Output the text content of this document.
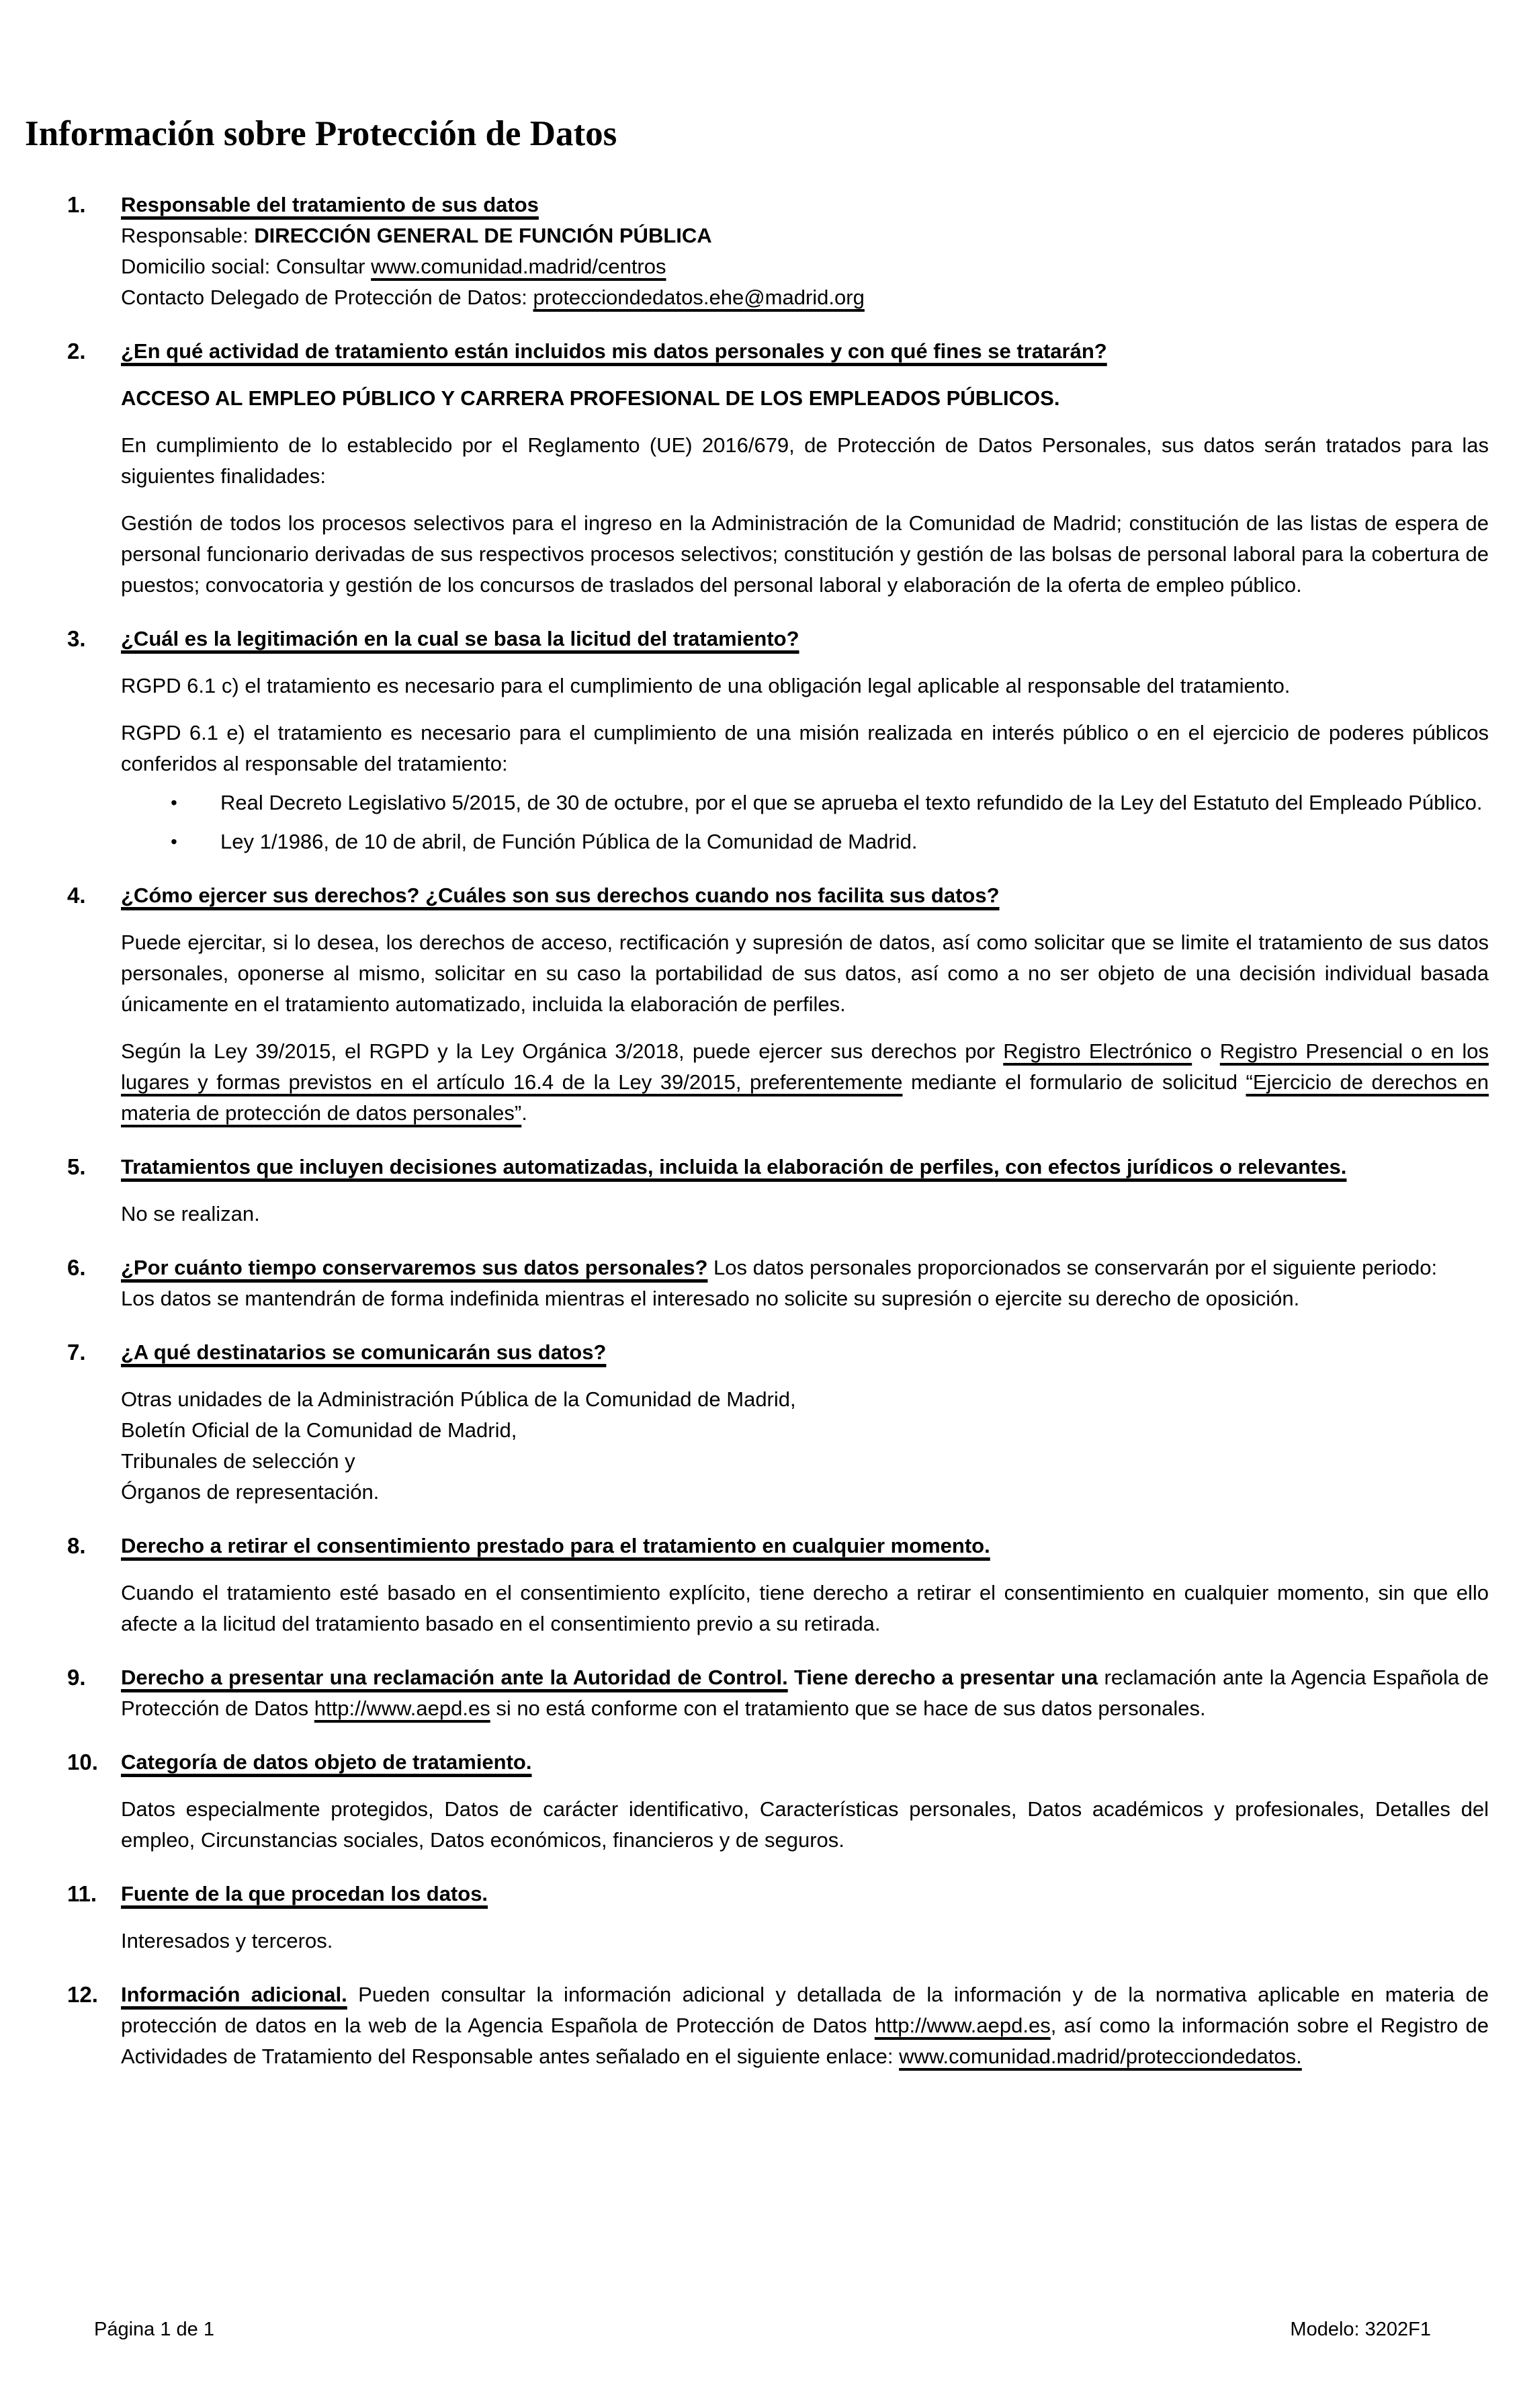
Información sobre Protección de Datos
1.	Responsable del tratamiento de sus datos
Responsable: DIRECCIÓN GENERAL DE FUNCIÓN PÚBLICA
Domicilio social: Consultar www.comunidad.madrid/centros
Contacto Delegado de Protección de Datos: protecciondedatos.ehe@madrid.org
2.	¿En qué actividad de tratamiento están incluidos mis datos personales y con qué fines se tratarán?
ACCESO AL EMPLEO PÚBLICO Y CARRERA PROFESIONAL DE LOS EMPLEADOS PÚBLICOS.
En cumplimiento de lo establecido por el Reglamento (UE) 2016/679, de Protección de Datos Personales, sus datos serán tratados para las siguientes finalidades:
Gestión de todos los procesos selectivos para el ingreso en la Administración de la Comunidad de Madrid; constitución de las listas de espera de personal funcionario derivadas de sus respectivos procesos selectivos; constitución y gestión de las bolsas de personal laboral para la cobertura de puestos; convocatoria y gestión de los concursos de traslados del personal laboral y elaboración de la oferta de empleo público.
3.	¿Cuál es la legitimación en la cual se basa la licitud del tratamiento?
RGPD 6.1 c) el tratamiento es necesario para el cumplimiento de una obligación legal aplicable al responsable del tratamiento.
RGPD 6.1 e) el tratamiento es necesario para el cumplimiento de una misión realizada en interés público o en el ejercicio de poderes públicos conferidos al responsable del tratamiento:
•	Real Decreto Legislativo 5/2015, de 30 de octubre, por el que se aprueba el texto refundido de la Ley del Estatuto del Empleado Público.
•	Ley 1/1986, de 10 de abril, de Función Pública de la Comunidad de Madrid.
4.	¿Cómo ejercer sus derechos? ¿Cuáles son sus derechos cuando nos facilita sus datos?
Puede ejercitar, si lo desea, los derechos de acceso, rectificación y supresión de datos, así como solicitar que se limite el tratamiento de sus datos personales, oponerse al mismo, solicitar en su caso la portabilidad de sus datos, así como a no ser objeto de una decisión individual basada únicamente en el tratamiento automatizado, incluida la elaboración de perfiles.
Según la Ley 39/2015, el RGPD y la Ley Orgánica 3/2018, puede ejercer sus derechos por Registro Electrónico o Registro Presencial o en los lugares y formas previstos en el artículo 16.4 de la Ley 39/2015, preferentemente mediante el formulario de solicitud “Ejercicio de derechos en materia de protección de datos personales”.
5.	Tratamientos que incluyen decisiones automatizadas, incluida la elaboración de perfiles, con efectos jurídicos o relevantes.
No se realizan.
6.	¿Por cuánto tiempo conservaremos sus datos personales? Los datos personales proporcionados se conservarán por el siguiente periodo:
Los datos se mantendrán de forma indefinida mientras el interesado no solicite su supresión o ejercite su derecho de oposición.
7.	¿A qué destinatarios se comunicarán sus datos?
Otras unidades de la Administración Pública de la Comunidad de Madrid,
Boletín Oficial de la Comunidad de Madrid,
Tribunales de selección y
Órganos de representación.
8.	Derecho a retirar el consentimiento prestado para el tratamiento en cualquier momento.
Cuando el tratamiento esté basado en el consentimiento explícito, tiene derecho a retirar el consentimiento en cualquier momento, sin que ello afecte a la licitud del tratamiento basado en el consentimiento previo a su retirada.
9.	Derecho a presentar una reclamación ante la Autoridad de Control. Tiene derecho a presentar una reclamación ante la Agencia Española de Protección de Datos http://www.aepd.es si no está conforme con el tratamiento que se hace de sus datos personales.
10.	Categoría de datos objeto de tratamiento.
Datos especialmente protegidos, Datos de carácter identificativo, Características personales, Datos académicos y profesionales, Detalles del empleo, Circunstancias sociales, Datos económicos, financieros y de seguros.
11.	Fuente de la que procedan los datos.
Interesados y terceros.
12.	Información adicional. Pueden consultar la información adicional y detallada de la información y de la normativa aplicable en materia de protección de datos en la web de la Agencia Española de Protección de Datos http://www.aepd.es, así como la información sobre el Registro de Actividades de Tratamiento del Responsable antes señalado en el siguiente enlace: www.comunidad.madrid/protecciondedatos.
Página 1 de 1	Modelo: 3202F1
